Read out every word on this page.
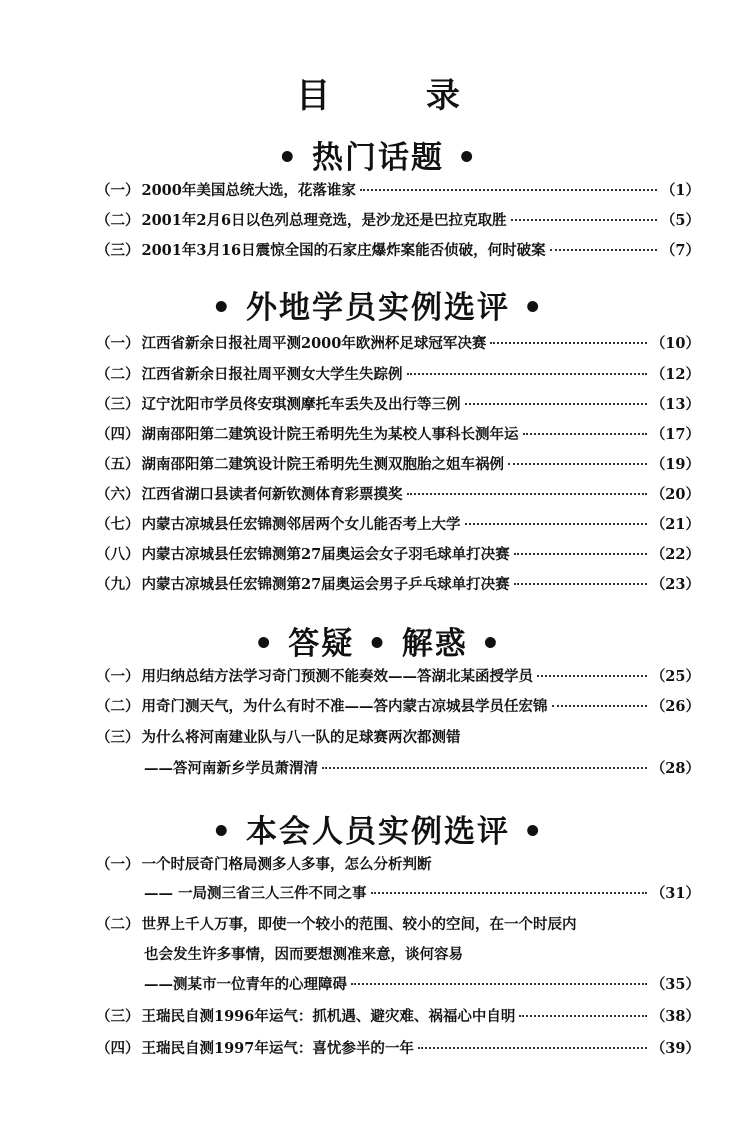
目 录
• 热门话题 •
（一） 2000年美国总统大选，花落谁家	（1）
（二） 2001年2月6日以色列总理竞选，是沙龙还是巴拉克取胜	（5）
（三） 2001年3月16日震惊全国的石家庄爆炸案能否侦破，何时破案	（7）
• 外地学员实例选评 •
（一） 江西省新余日报社周平测2000年欧洲杯足球冠军决赛	（10）
（二） 江西省新余日报社周平测女大学生失踪例	（12）
（三） 辽宁沈阳市学员佟安琪测摩托车丢失及出行等三例	（13）
（四） 湖南邵阳第二建筑设计院王希明先生为某校人事科长测年运	（17）
（五） 湖南邵阳第二建筑设计院王希明先生测双胞胎之姐车祸例	（19）
（六） 江西省湖口县读者何新钦测体育彩票摸奖	（20）
（七） 内蒙古凉城县任宏锦测邻居两个女儿能否考上大学	（21）
（八） 内蒙古凉城县任宏锦测第27届奥运会女子羽毛球单打决赛	（22）
（九） 内蒙古凉城县任宏锦测第27届奥运会男子乒乓球单打决赛	（23）
• 答疑 • 解惑 •
（一） 用归纳总结方法学习奇门预测不能奏效——答湖北某函授学员	（25）
（二） 用奇门测天气，为什么有时不准——答内蒙古凉城县学员任宏锦	（26）
（三） 为什么将河南建业队与八一队的足球赛两次都测错
——答河南新乡学员萧渭清	（28）
• 本会人员实例选评 •
（一） 一个时辰奇门格局测多人多事，怎么分析判断
—— 一局测三省三人三件不同之事	（31）
（二） 世界上千人万事，即使一个较小的范围、较小的空间，在一个时辰内
也会发生许多事情，因而要想测准来意，谈何容易
——测某市一位青年的心理障碍	（35）
（三） 王瑞民自测1996年运气：抓机遇、避灾难、祸福心中自明	（38）
（四） 王瑞民自测1997年运气：喜忧参半的一年	（39）
